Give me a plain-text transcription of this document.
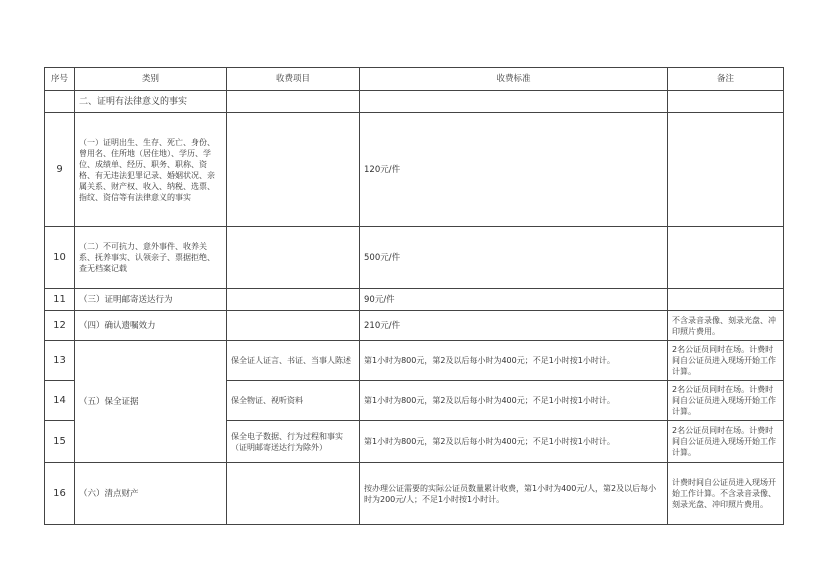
序号	类别	收费项目	收费标准	备注
	二、证明有法律意义的事实			
9	（一）证明出生、生存、死亡、身份、曾用名、住所地（居住地）、学历、学位、成绩单、经历、职务、职称、资格、有无违法犯罪记录、婚姻状况、亲属关系、财产权、收入、纳税、选票、指纹、资信等有法律意义的事实		120元/件	
10	（二）不可抗力、意外事件、收养关系、抚养事实、认领亲子、票据拒绝、查无档案记载		500元/件	
11	（三）证明邮寄送达行为		90元/件	
12	（四）确认遗嘱效力		210元/件	不含录音录像、刻录光盘、冲印照片费用。
13	（五）保全证据	保全证人证言、书证、当事人陈述	第1小时为800元，第2及以后每小时为400元；不足1小时按1小时计。	2名公证员同时在场。计费时间自公证员进入现场开始工作计算。
14		保全物证、视听资料	第1小时为800元，第2及以后每小时为400元；不足1小时按1小时计。	2名公证员同时在场。计费时间自公证员进入现场开始工作计算。
15		保全电子数据、行为过程和事实（证明邮寄送达行为除外）	第1小时为800元，第2及以后每小时为400元；不足1小时按1小时计。	2名公证员同时在场。计费时间自公证员进入现场开始工作计算。
16	（六）清点财产		按办理公证需要的实际公证员数量累计收费，第1小时为400元/人，第2及以后每小时为200元/人；不足1小时按1小时计。	计费时间自公证员进入现场开始工作计算。不含录音录像、刻录光盘、冲印照片费用。
